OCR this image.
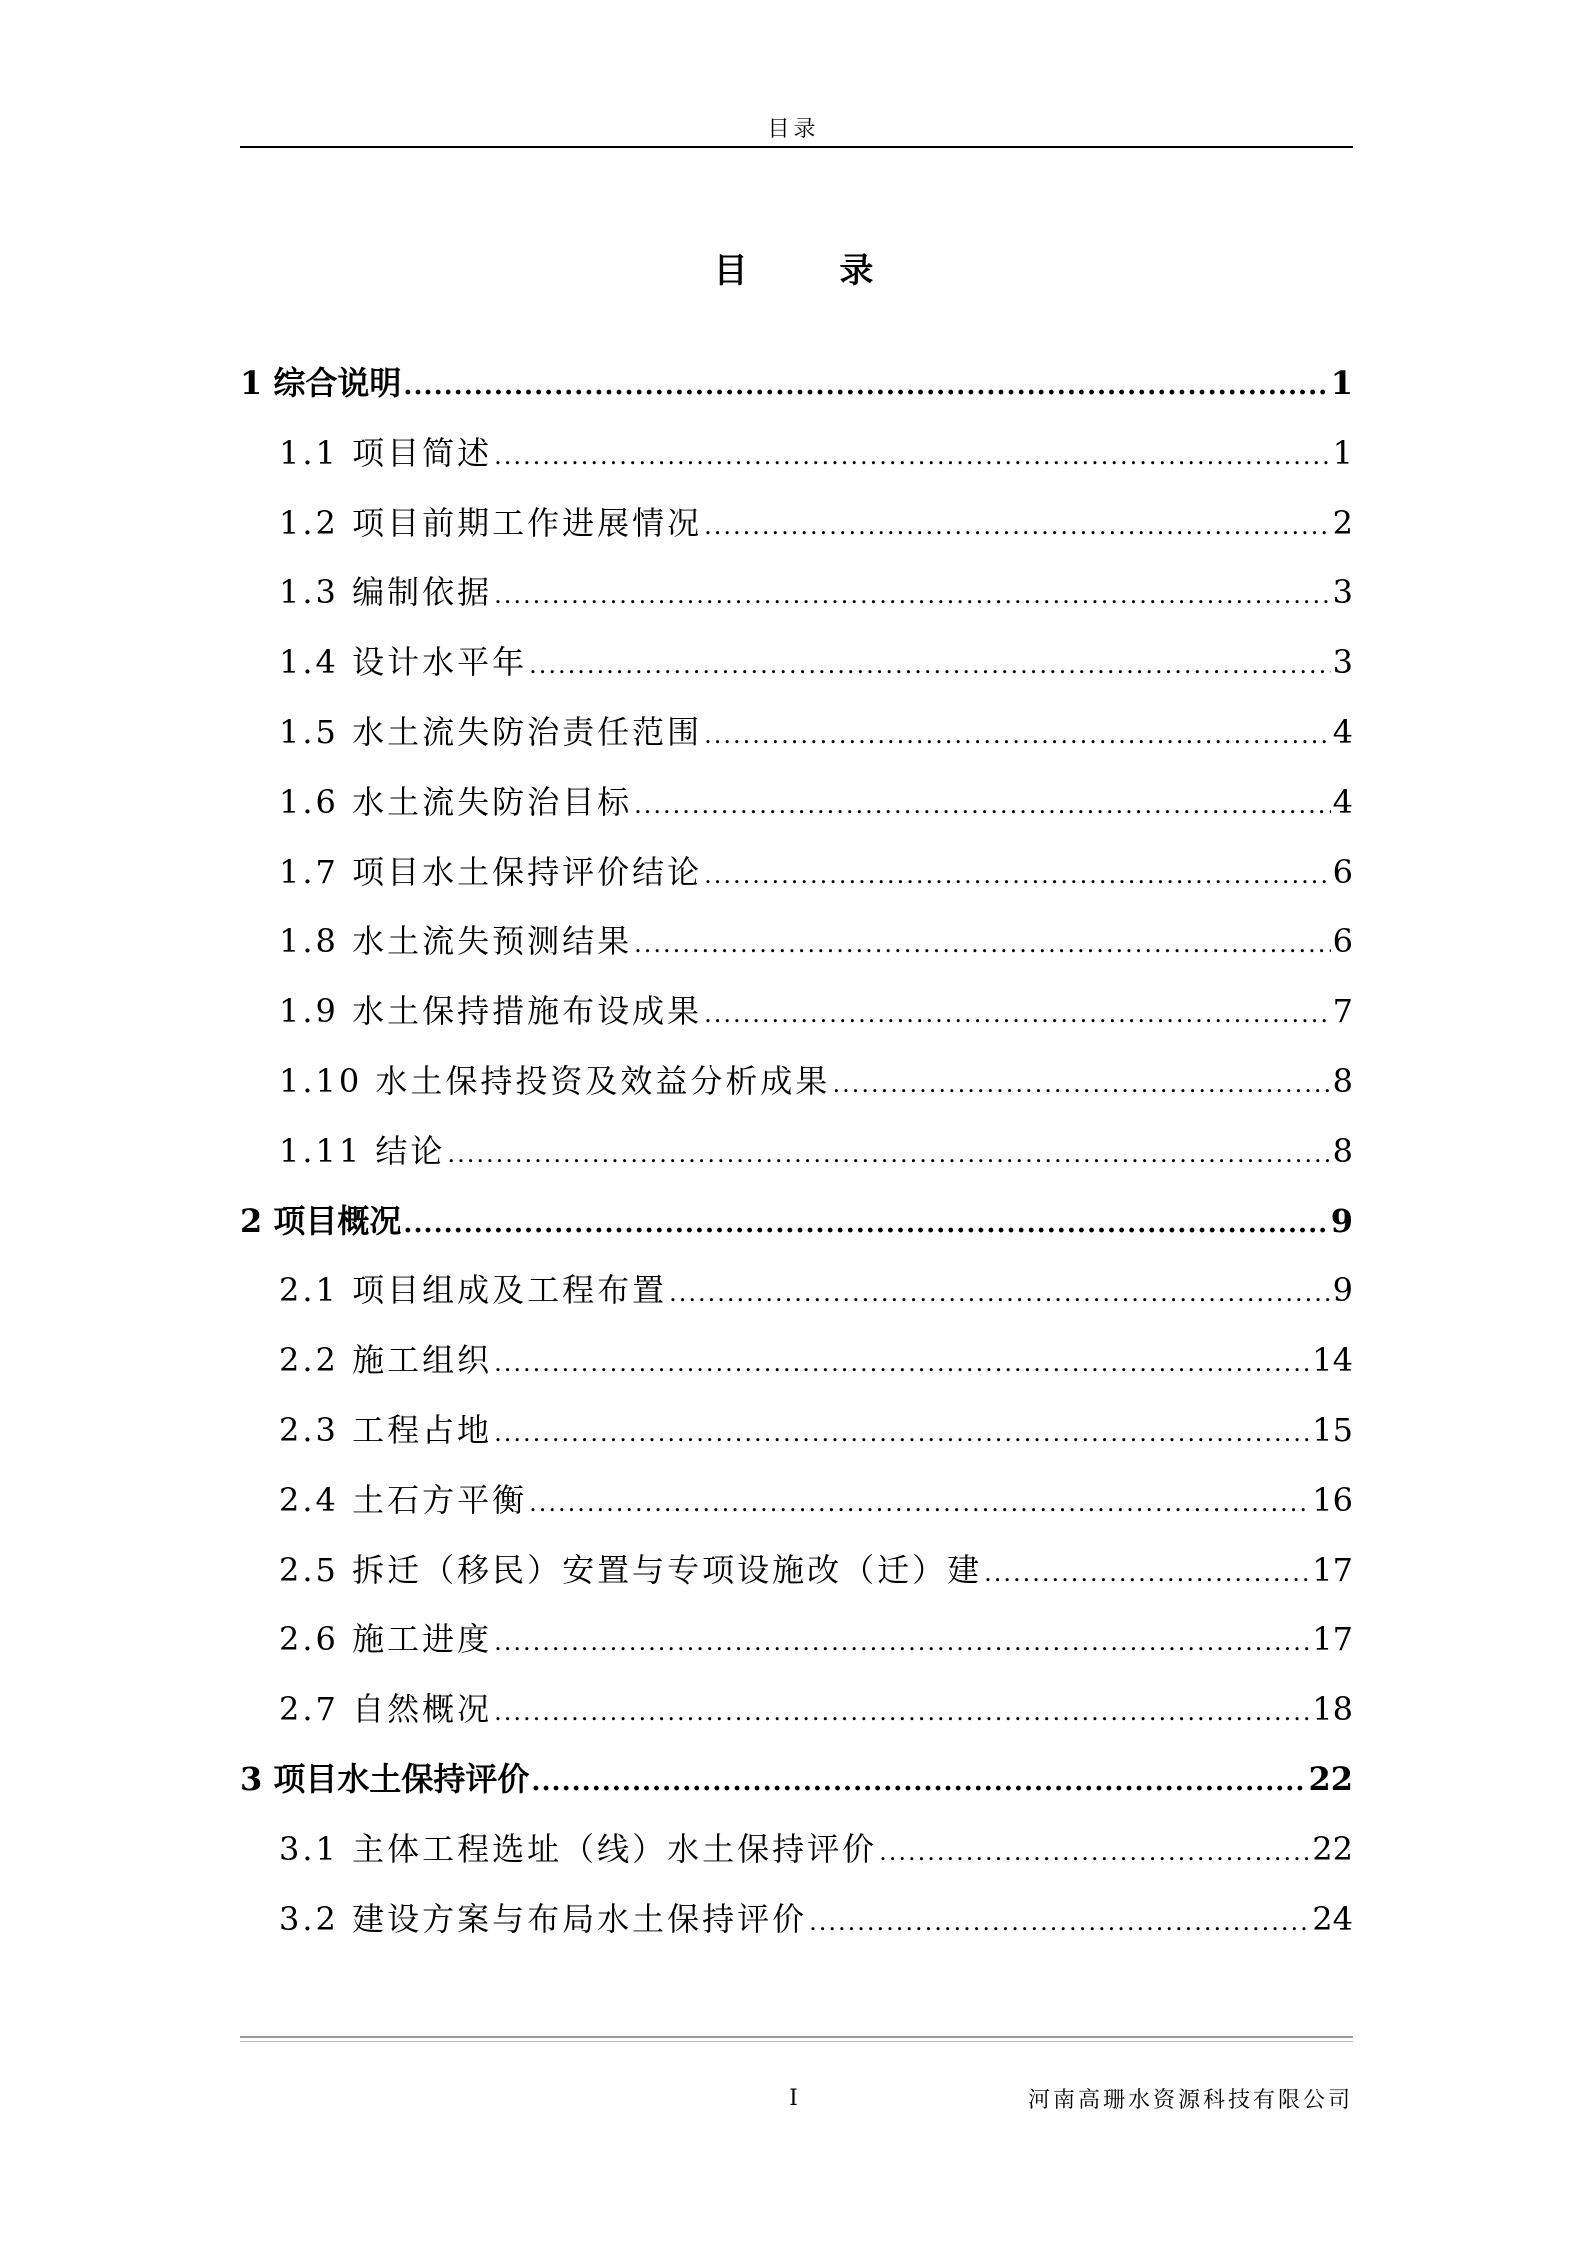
目录
目 录
1 综合说明 .....	1
1.1 项目简述 .....	1
1.2 项目前期工作进展情况 .....	2
1.3 编制依据 .....	3
1.4 设计水平年 .....	3
1.5 水土流失防治责任范围 .....	4
1.6 水土流失防治目标 .....	4
1.7 项目水土保持评价结论 .....	6
1.8 水土流失预测结果 .....	6
1.9 水土保持措施布设成果 .....	7
1.10 水土保持投资及效益分析成果 .....	8
1.11 结论 .....	8
2 项目概况 .....	9
2.1 项目组成及工程布置 .....	9
2.2 施工组织 .....	14
2.3 工程占地 .....	15
2.4 土石方平衡 .....	16
2.5 拆迁（移民）安置与专项设施改（迁）建 .....	17
2.6 施工进度 .....	17
2.7 自然概况 .....	18
3 项目水土保持评价 .....	22
3.1 主体工程选址（线）水土保持评价 .....	22
3.2 建设方案与布局水土保持评价 .....	24
I	河南高珊水资源科技有限公司
